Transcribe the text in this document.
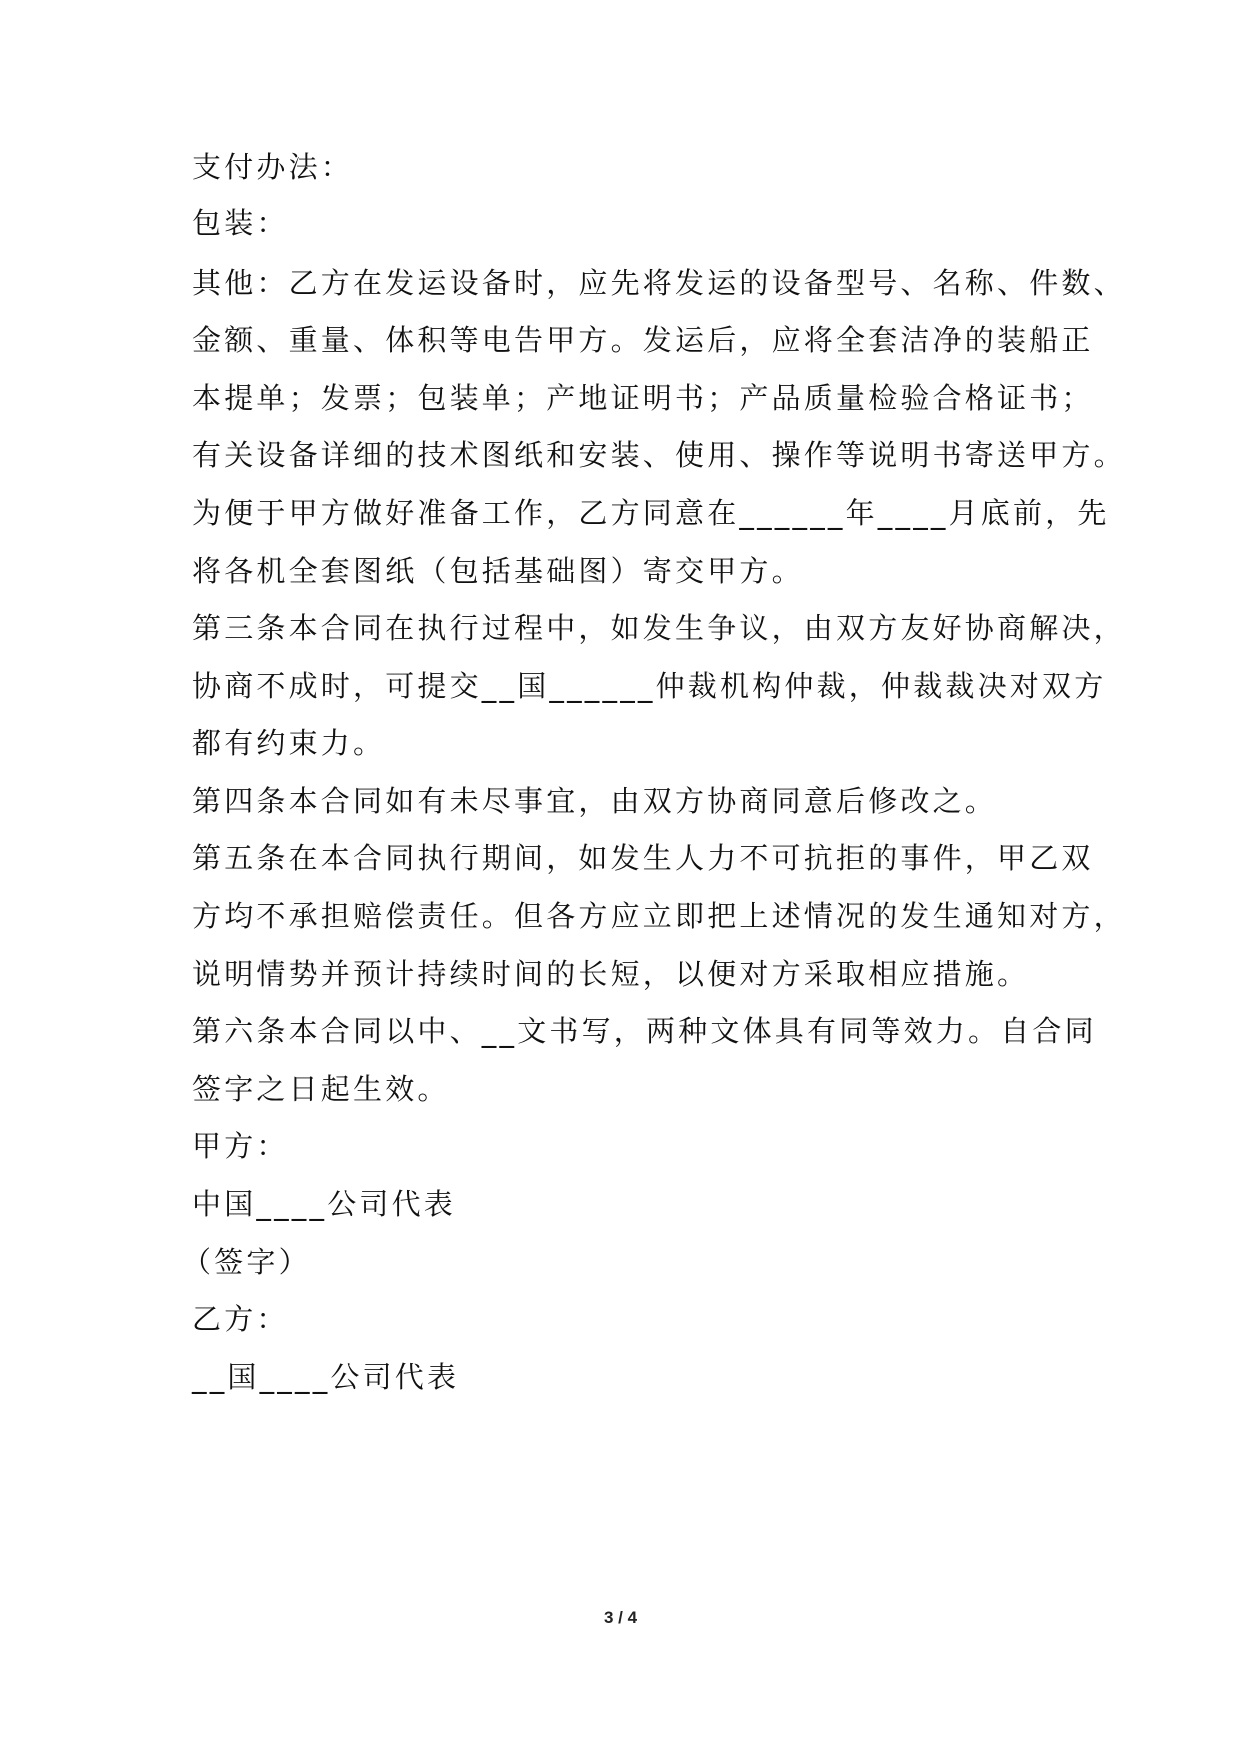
支付办法：
包装：
其他：乙方在发运设备时，应先将发运的设备型号、名称、件数、
金额、重量、体积等电告甲方。发运后，应将全套洁净的装船正
本提单；发票；包装单；产地证明书；产品质量检验合格证书；
有关设备详细的技术图纸和安装、使用、操作等说明书寄送甲方。
为便于甲方做好准备工作，乙方同意在______年____月底前，先
将各机全套图纸（包括基础图）寄交甲方。
第三条本合同在执行过程中，如发生争议，由双方友好协商解决，
协商不成时，可提交__国______仲裁机构仲裁，仲裁裁决对双方
都有约束力。
第四条本合同如有未尽事宜，由双方协商同意后修改之。
第五条在本合同执行期间，如发生人力不可抗拒的事件，甲乙双
方均不承担赔偿责任。但各方应立即把上述情况的发生通知对方，
说明情势并预计持续时间的长短，以便对方采取相应措施。
第六条本合同以中、__文书写，两种文体具有同等效力。自合同
签字之日起生效。
甲方：
中国____公司代表
（签字）
乙方：
__国____公司代表
3 / 4
